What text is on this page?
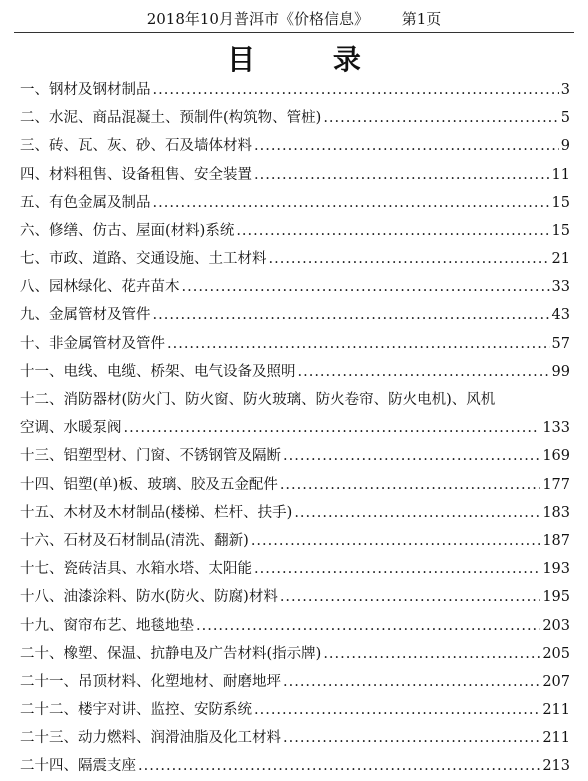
2018年10月普洱市《价格信息》 第1页
目 录
一、钢材及钢材制品 .....	3
二、水泥、商品混凝土、预制件(构筑物、管桩) .....	5
三、砖、瓦、灰、砂、石及墙体材料 .....	9
四、材料租售、设备租售、安全装置 .....	11
五、有色金属及制品 .....	15
六、修缮、仿古、屋面(材料)系统 .....	15
七、市政、道路、交通设施、土工材料 .....	21
八、园林绿化、花卉苗木 .....	33
九、金属管材及管件 .....	43
十、非金属管材及管件 .....	57
十一、电线、电缆、桥架、电气设备及照明 .....	99
十二、消防器材(防火门、防火窗、防火玻璃、防火卷帘、防火电机)、风机
空调、水暖泵阀 .....	133
十三、铝塑型材、门窗、不锈钢管及隔断 .....	169
十四、铝塑(单)板、玻璃、胶及五金配件 .....	177
十五、木材及木材制品(楼梯、栏杆、扶手) .....	183
十六、石材及石材制品(清洗、翻新) .....	187
十七、瓷砖洁具、水箱水塔、太阳能 .....	193
十八、油漆涂料、防水(防火、防腐)材料 .....	195
十九、窗帘布艺、地毯地垫 .....	203
二十、橡塑、保温、抗静电及广告材料(指示牌) .....	205
二十一、吊顶材料、化塑地材、耐磨地坪 .....	207
二十二、楼宇对讲、监控、安防系统 .....	211
二十三、动力燃料、润滑油脂及化工材料 .....	211
二十四、隔震支座 .....	213
